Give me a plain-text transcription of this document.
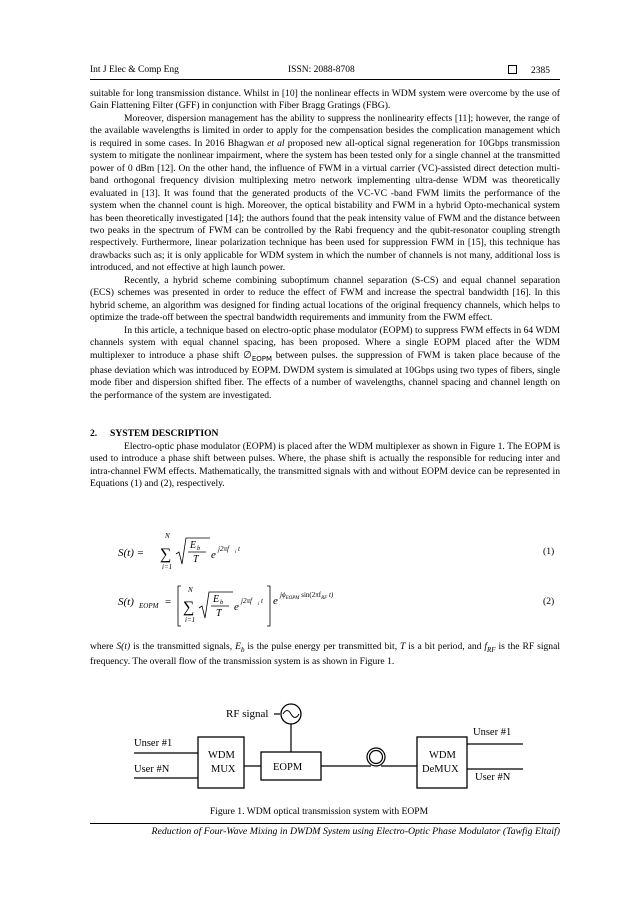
Int J Elec & Comp Eng	ISSN: 2088-8708	2385

suitable for long transmission distance. Whilst in [10] the nonlinear effects in WDM system were overcome by the use of Gain Flattening Filter (GFF) in conjunction with Fiber Bragg Gratings (FBG).

Moreover, dispersion management has the ability to suppress the nonlinearity effects [11]; however, the range of the available wavelengths is limited in order to apply for the compensation besides the complication management which is required in some cases. In 2016 Bhagwan et al proposed new all-optical signal regeneration for 10Gbps transmission system to mitigate the nonlinear impairment, where the system has been tested only for a single channel at the transmitted power of 0 dBm [12]. On the other hand, the influence of FWM in a virtual carrier (VC)-assisted direct detection multi-band orthogonal frequency division multiplexing metro network implementing ultra-dense WDM was theoretically evaluated in [13]. It was found that the generated products of the VC-VC -band FWM limits the performance of the system when the channel count is high. Moreover, the optical bistability and FWM in a hybrid Opto-mechanical system has been theoretically investigated [14]; the authors found that the peak intensity value of FWM and the distance between two peaks in the spectrum of FWM can be controlled by the Rabi frequency and the qubit-resonator coupling strength respectively. Furthermore, linear polarization technique has been used for suppression FWM in [15], this technique has drawbacks such as; it is only applicable for WDM system in which the number of channels is not many, additional loss is introduced, and not effective at high launch power.

Recently, a hybrid scheme combining suboptimum channel separation (S-CS) and equal channel separation (ECS) schemes was presented in order to reduce the effect of FWM and increase the spectral bandwidth [16]. In this hybrid scheme, an algorithm was designed for finding actual locations of the original frequency channels, which helps to optimize the trade-off between the spectral bandwidth requirements and immunity from the FWM effect.

In this article, a technique based on electro-optic phase modulator (EOPM) to suppress FWM effects in 64 WDM channels system with equal channel spacing, has been proposed. Where a single EOPM placed after the WDM multiplexer to introduce a phase shift $\emptyset_{EOPM}$ between pulses. the suppression of FWM is taken place because of the phase deviation which was introduced by EOPM. DWDM system is simulated at 10Gbps using two types of fibers, single mode fiber and dispersion shifted fiber. The effects of a number of wavelengths, channel spacing and channel length on the performance of the system are investigated.

2. SYSTEM DESCRIPTION

Electro-optic phase modulator (EOPM) is placed after the WDM multiplexer as shown in Figure 1. The EOPM is used to introduce a phase shift between pulses. Where, the phase shift is actually the responsible for reducing inter and intra-channel FWM effects. Mathematically, the transmitted signals with and without EOPM device can be represented in Equations (1) and (2), respectively.

S(t) =
N
∑
i=1
E b
T e j2πf i t	(1)
S(t) EOPM =
N
∑
i=1
E b
T
e j2πf i t e $j\phi_{EOPM}$ $\sin(2\pi f_{RF}$ t)
(2)

where S(t) is the transmitted signals, $E_b$ is the pulse energy per transmitted bit, T is a bit period, and $f_{RF}$ is the RF signal frequency. The overall flow of the transmission system is as shown in Figure 1.

RF signal
Unser #1
User #N
WDM
MUX	EOPM
WDM
DeMUX
Unser #1
User #N
Figure 1. WDM optical transmission system with EOPM
Reduction of Four-Wave Mixing in DWDM System using Electro-Optic Phase Modulator (Tawfig Eltaif)
